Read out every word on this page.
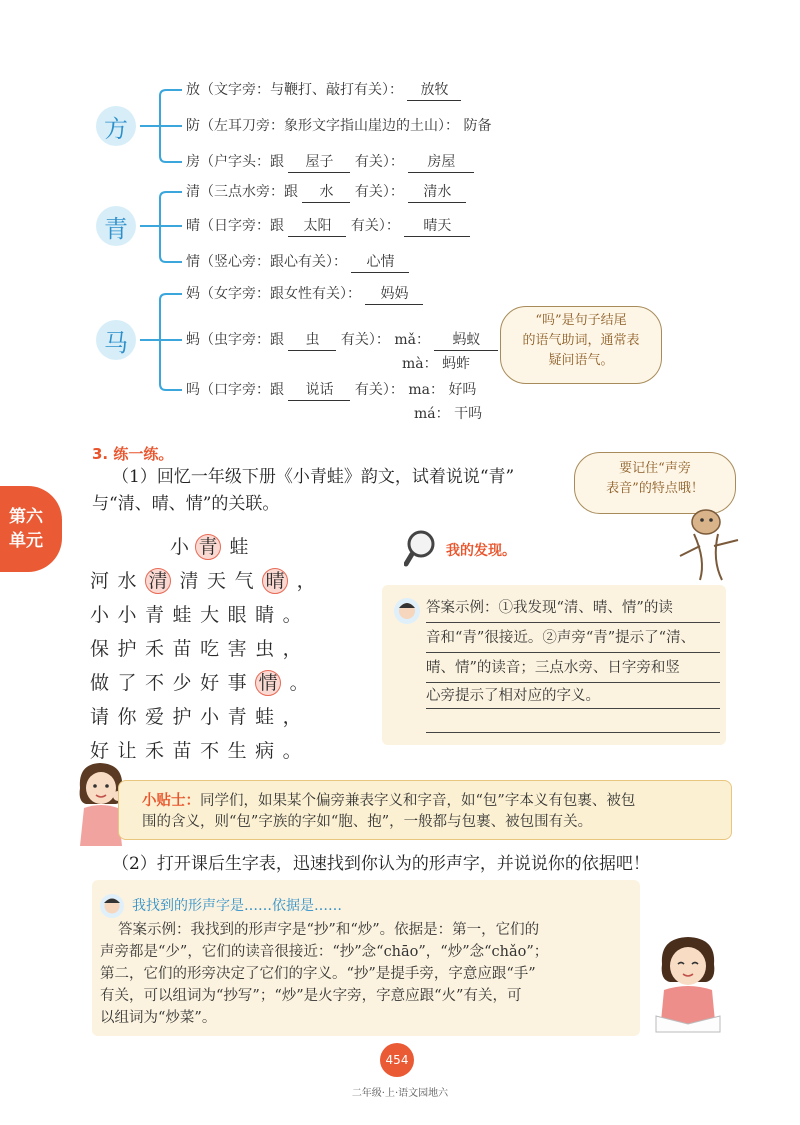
方
青
马
放（文字旁：与鞭打、敲打有关）： 放牧
防（左耳刀旁：象形文字指山崖边的土山）： 防备
房（户字头：跟 屋子 有关）： 房屋
清（三点水旁：跟 水 有关）： 清水
晴（日字旁：跟 太阳 有关）： 晴天
情（竖心旁：跟心有关）： 心情
妈（女字旁：跟女性有关）： 妈妈
蚂（虫字旁：跟 虫 有关）： mǎ： 蚂蚁
mà： 蚂蚱
吗（口字旁：跟 说话 有关）： ma： 好吗
má： 干吗
“吗”是句子结尾
的语气助词，通常表
疑问语气。
3. 练一练。
（1）回忆一年级下册《小青蛙》韵文，试着说说“青”
与“清、晴、情”的关联。
第六
单元
要记住“声旁
表音”的特点哦！
小 青 蛙
河水 清 清天气 晴 ，
小小青蛙大眼睛。
保护禾苗吃害虫，
做了不少好事 情 。
请你爱护小青蛙，
好让禾苗不生病。
我的发现。
答案示例：①我发现“清、晴、情”的读
音和“青”很接近。②声旁“青”提示了“清、
晴、情”的读音；三点水旁、日字旁和竖
心旁提示了相对应的字义。
小贴士：同学们，如果某个偏旁兼表字义和字音，如“包”字本义有包裹、被包
围的含义，则“包”字族的字如“胞、抱”，一般都与包裹、被包围有关。
（2）打开课后生字表，迅速找到你认为的形声字，并说说你的依据吧！
我找到的形声字是……依据是……
答案示例：我找到的形声字是“抄”和“炒”。依据是：第一，它们的
声旁都是“少”，它们的读音很接近：“抄”念“chāo”，“炒”念“chǎo”；
第二，它们的形旁决定了它们的字义。“抄”是提手旁，字意应跟“手”
有关，可以组词为“抄写”；“炒”是火字旁，字意应跟“火”有关，可
以组词为“炒菜”。
454
二年级·上·语文园地六
